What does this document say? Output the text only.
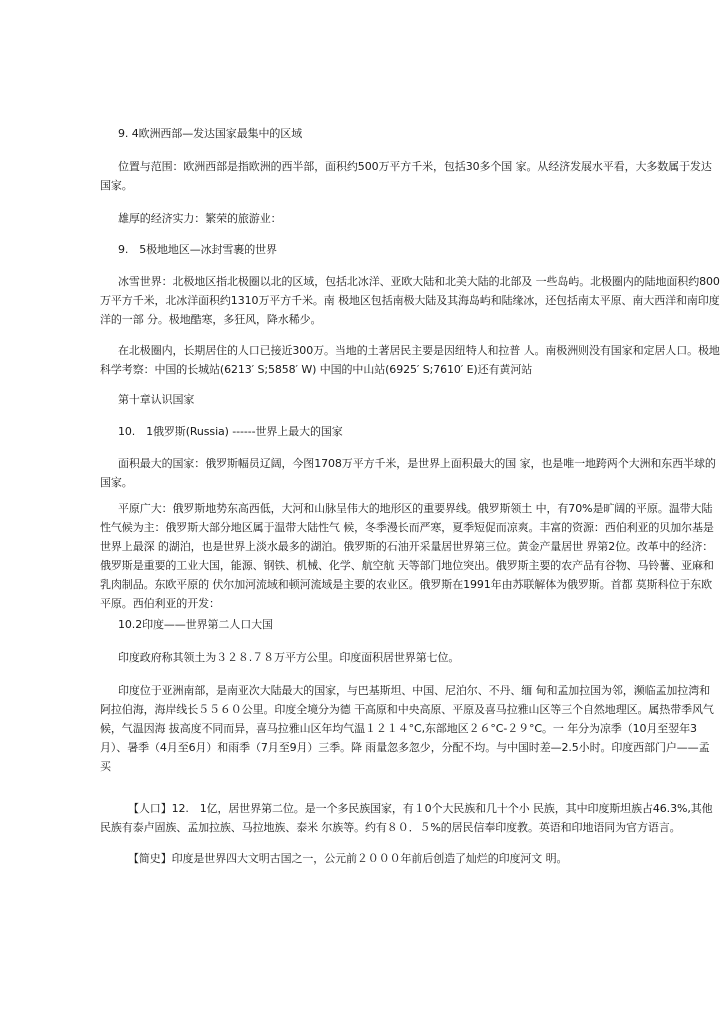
9. 4欧洲西部—发达国家最集中的区域
位置与范围：欧洲西部是指欧洲的西半部，面积约500万平方千米，包括30多个国 家。从经济发展水平看，大多数属于发达国家。
雄厚的经济实力：繁荣的旅游业：
9.　5极地地区—冰封雪裹的世界
冰雪世界：北极地区指北极圈以北的区域，包括北冰洋、亚欧大陆和北美大陆的北部及 一些岛屿。北极圈内的陆地面积约800万平方千米，北冰洋面积约1310万平方千米。南 极地区包括南极大陆及其海岛屿和陆缘冰，还包括南太平原、南大西洋和南印度洋的一部 分。极地酷寒，多狂风，降水稀少。
在北极圈内，长期居住的人口已接近300万。当地的土著居民主要是因纽特人和拉普 人。南极洲则没有国家和定居人口。极地科学考察：中国的长城站(6213′ S;5858′ W) 中国的中山站(6925′ S;7610′ E)还有黄河站
第十章认识国家
10.　1俄罗斯(Russia) ------世界上最大的国家
面积最大的国家：俄罗斯幅员辽阔，今图1708万平方千米，是世界上面积最大的国 家，也是唯一地跨两个大洲和东西半球的国家。
平原广大：俄罗斯地势东高西低，大河和山脉呈伟大的地形区的重要界线。俄罗斯领土 中，有70%是旷阔的平原。温带大陆性气候为主：俄罗斯大部分地区属于温带大陆性气 候，冬季漫长而严寒，夏季短促而凉爽。丰富的资源：西伯利亚的贝加尔基是世界上最深 的湖泊，也是世界上淡水最多的湖泊。俄罗斯的石油开采量居世界第三位。黄金产量居世 界第2位。改革中的经济：俄罗斯是重要的工业大国，能源、钢铁、机械、化学、航空航 天等部门地位突出。俄罗斯主要的农产品有谷物、马铃薯、亚麻和乳肉制品。东欧平原的 伏尔加河流域和顿河流域是主要的农业区。俄罗斯在1991年由苏联解体为俄罗斯。首都 莫斯科位于东欧平原。西伯利亚的开发：
10.2印度——世界第二人口大国
印度政府称其领土为３２８.７８万平方公里。印度面积居世界第七位。
印度位于亚洲南部，是南亚次大陆最大的国家，与巴基斯坦、中国、尼泊尔、不丹、缅 甸和孟加拉国为邻，濒临孟加拉湾和阿拉伯海，海岸线长５５６０公里。印度全境分为德 干高原和中央高原、平原及喜马拉雅山区等三个自然地理区。属热带季风气候，气温因海 拔高度不同而异，喜马拉雅山区年均气温１２１４°C,东部地区２６°C-２９°C。一 年分为凉季（10月至翌年3月）、暑季（4月至6月）和雨季（7月至9月）三季。降 雨量忽多忽少，分配不均。与中国时差—2.5小时。印度西部门户——孟买
【人口】12.　1亿，居世界第二位。是一个多民族国家，有１0个大民族和几十个小 民族，其中印度斯坦族占46.3%,其他民族有泰卢固族、孟加拉族、马拉地族、泰米 尔族等。约有８０．５%的居民信奉印度教。英语和印地语同为官方语言。
【简史】印度是世界四大文明古国之一，公元前２０００年前后创造了灿烂的印度河文 明。
